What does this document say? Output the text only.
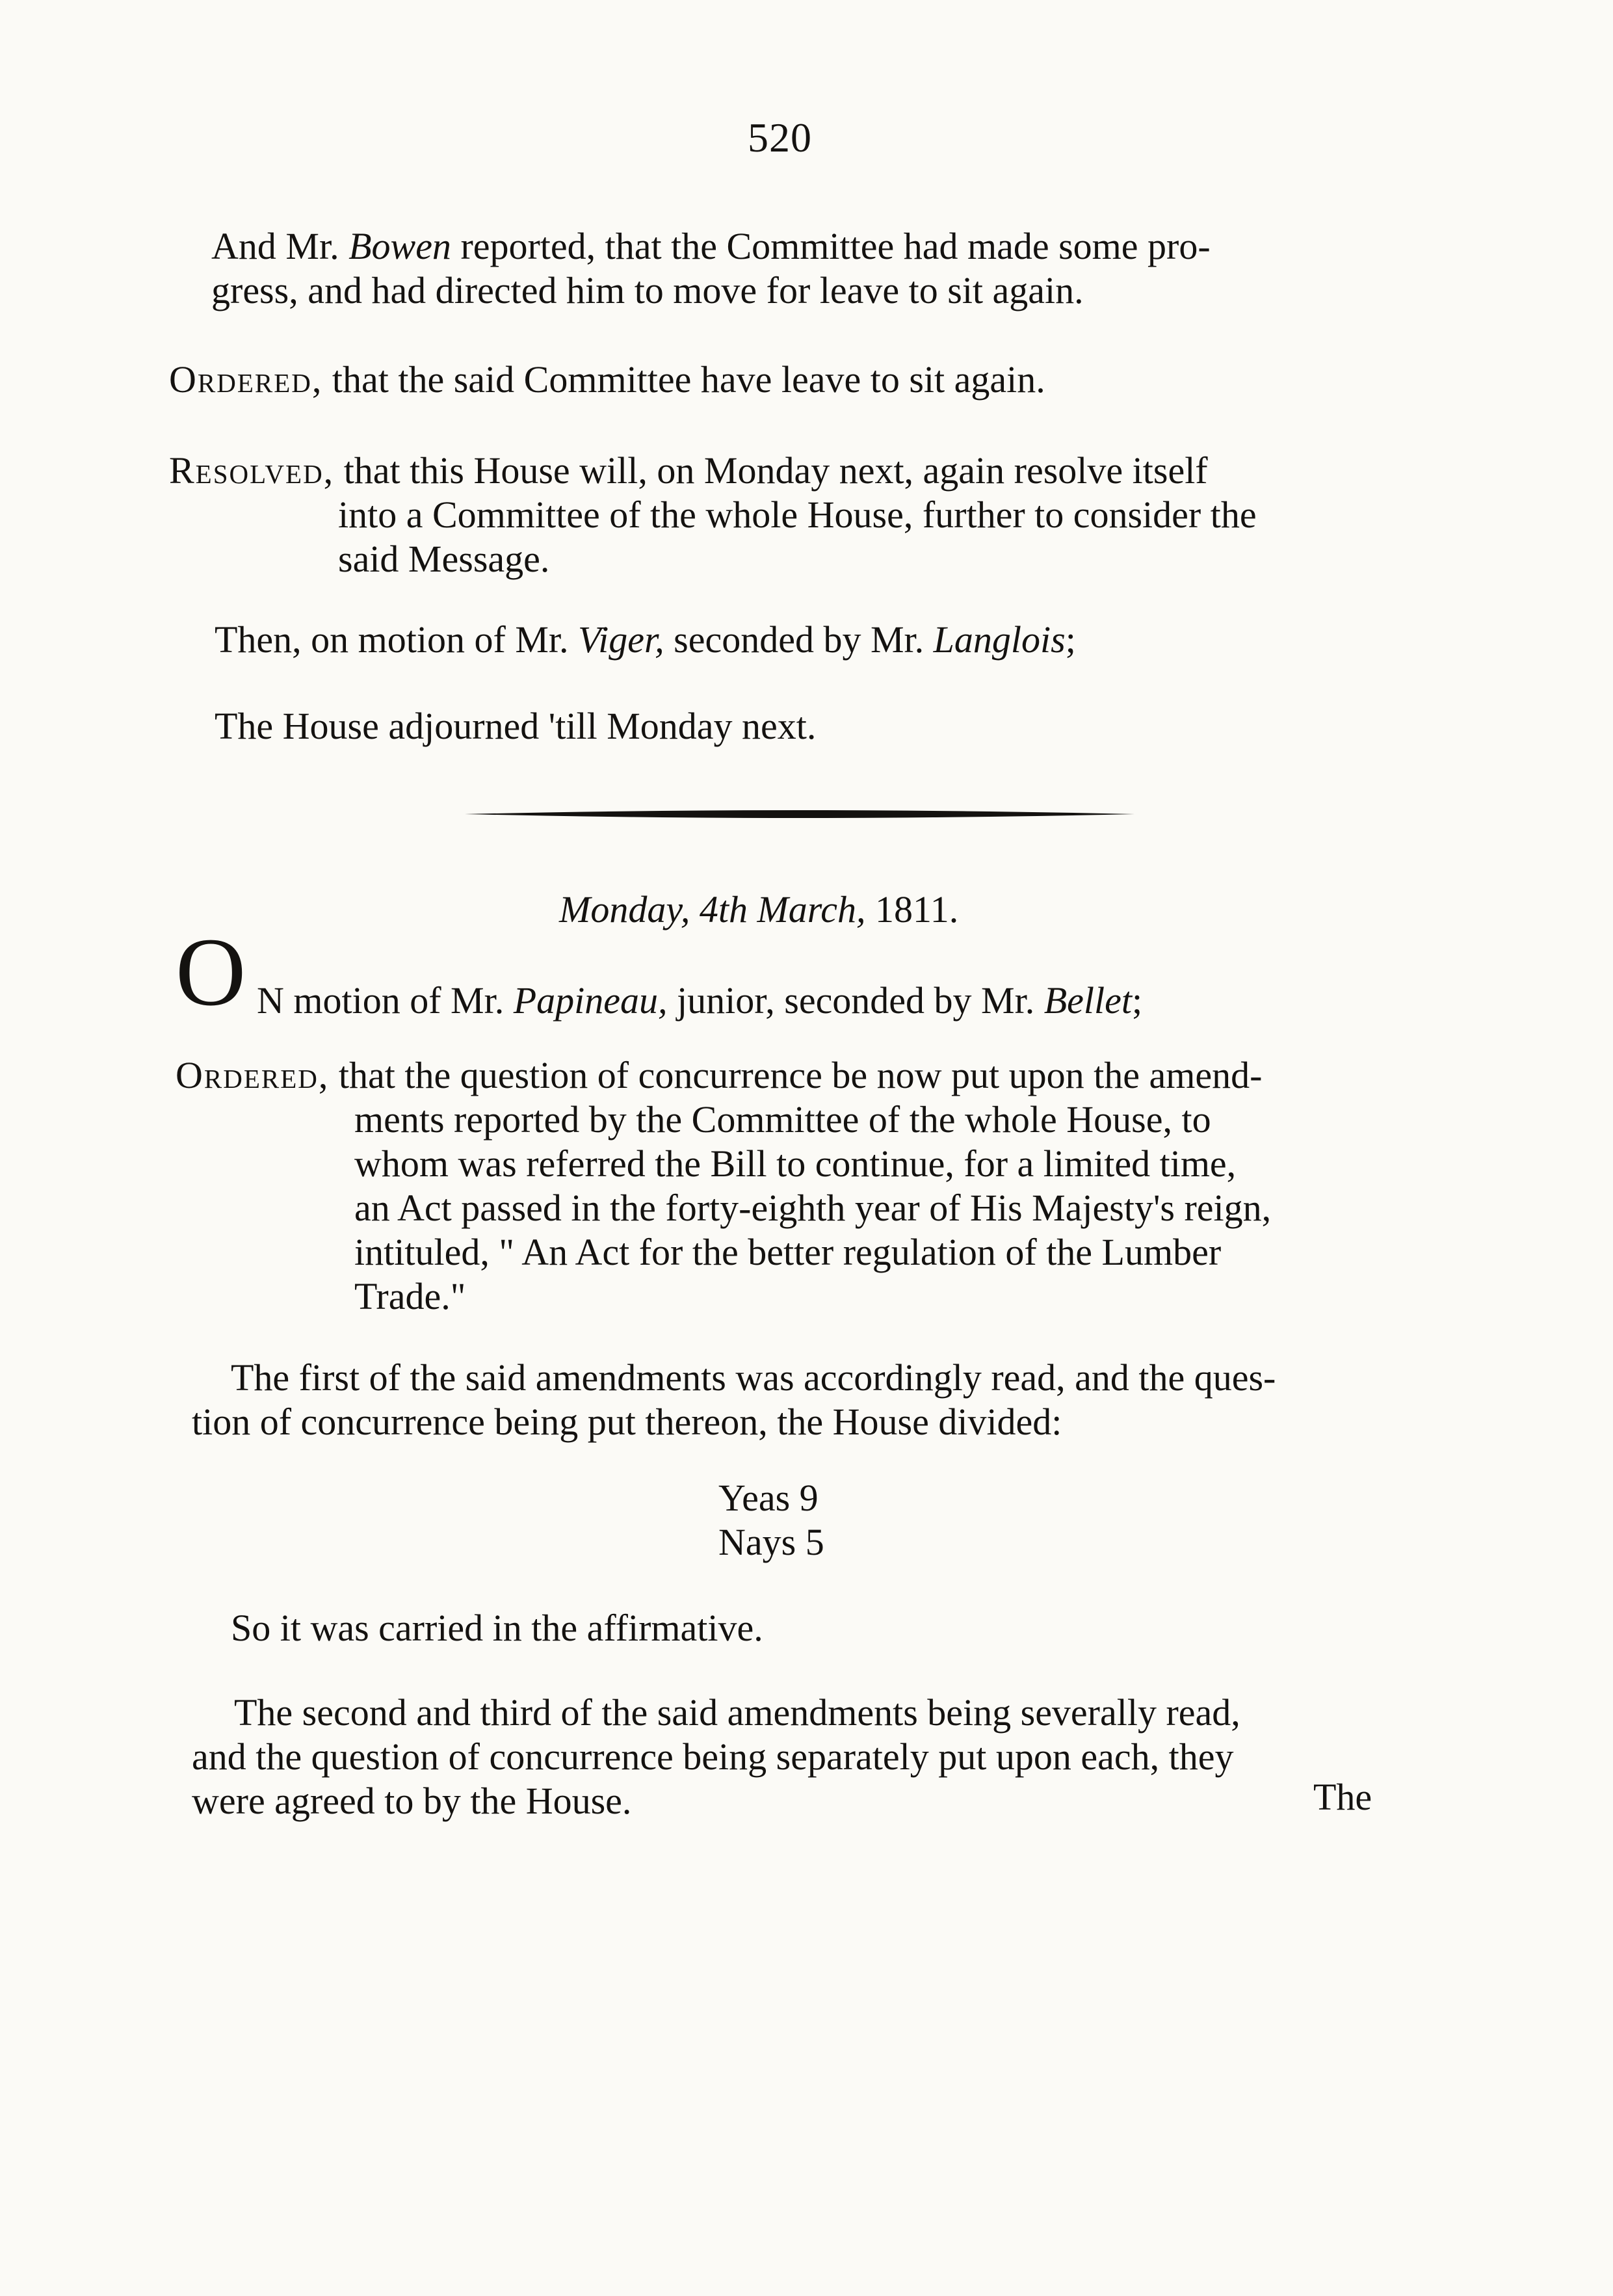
520
And Mr. Bowen reported, that the Committee had made some pro-
gress, and had directed him to move for leave to sit again.
Ordered, that the said Committee have leave to sit again.
Resolved, that this House will, on Monday next, again resolve itself
into a Committee of the whole House, further to consider the
said Message.
Then, on motion of Mr. Viger, seconded by Mr. Langlois;
The House adjourned 'till Monday next.
Monday, 4th March, 1811.
O N motion of Mr. Papineau, junior, seconded by Mr. Bellet;
Ordered, that the question of concurrence be now put upon the amend-
ments reported by the Committee of the whole House, to
whom was referred the Bill to continue, for a limited time,
an Act passed in the forty-eighth year of His Majesty's reign,
intituled, " An Act for the better regulation of the Lumber
Trade."
The first of the said amendments was accordingly read, and the ques-
tion of concurrence being put thereon, the House divided:
Yeas 9
Nays 5
So it was carried in the affirmative.
The second and third of the said amendments being severally read,
and the question of concurrence being separately put upon each, they
were agreed to by the House.	The
